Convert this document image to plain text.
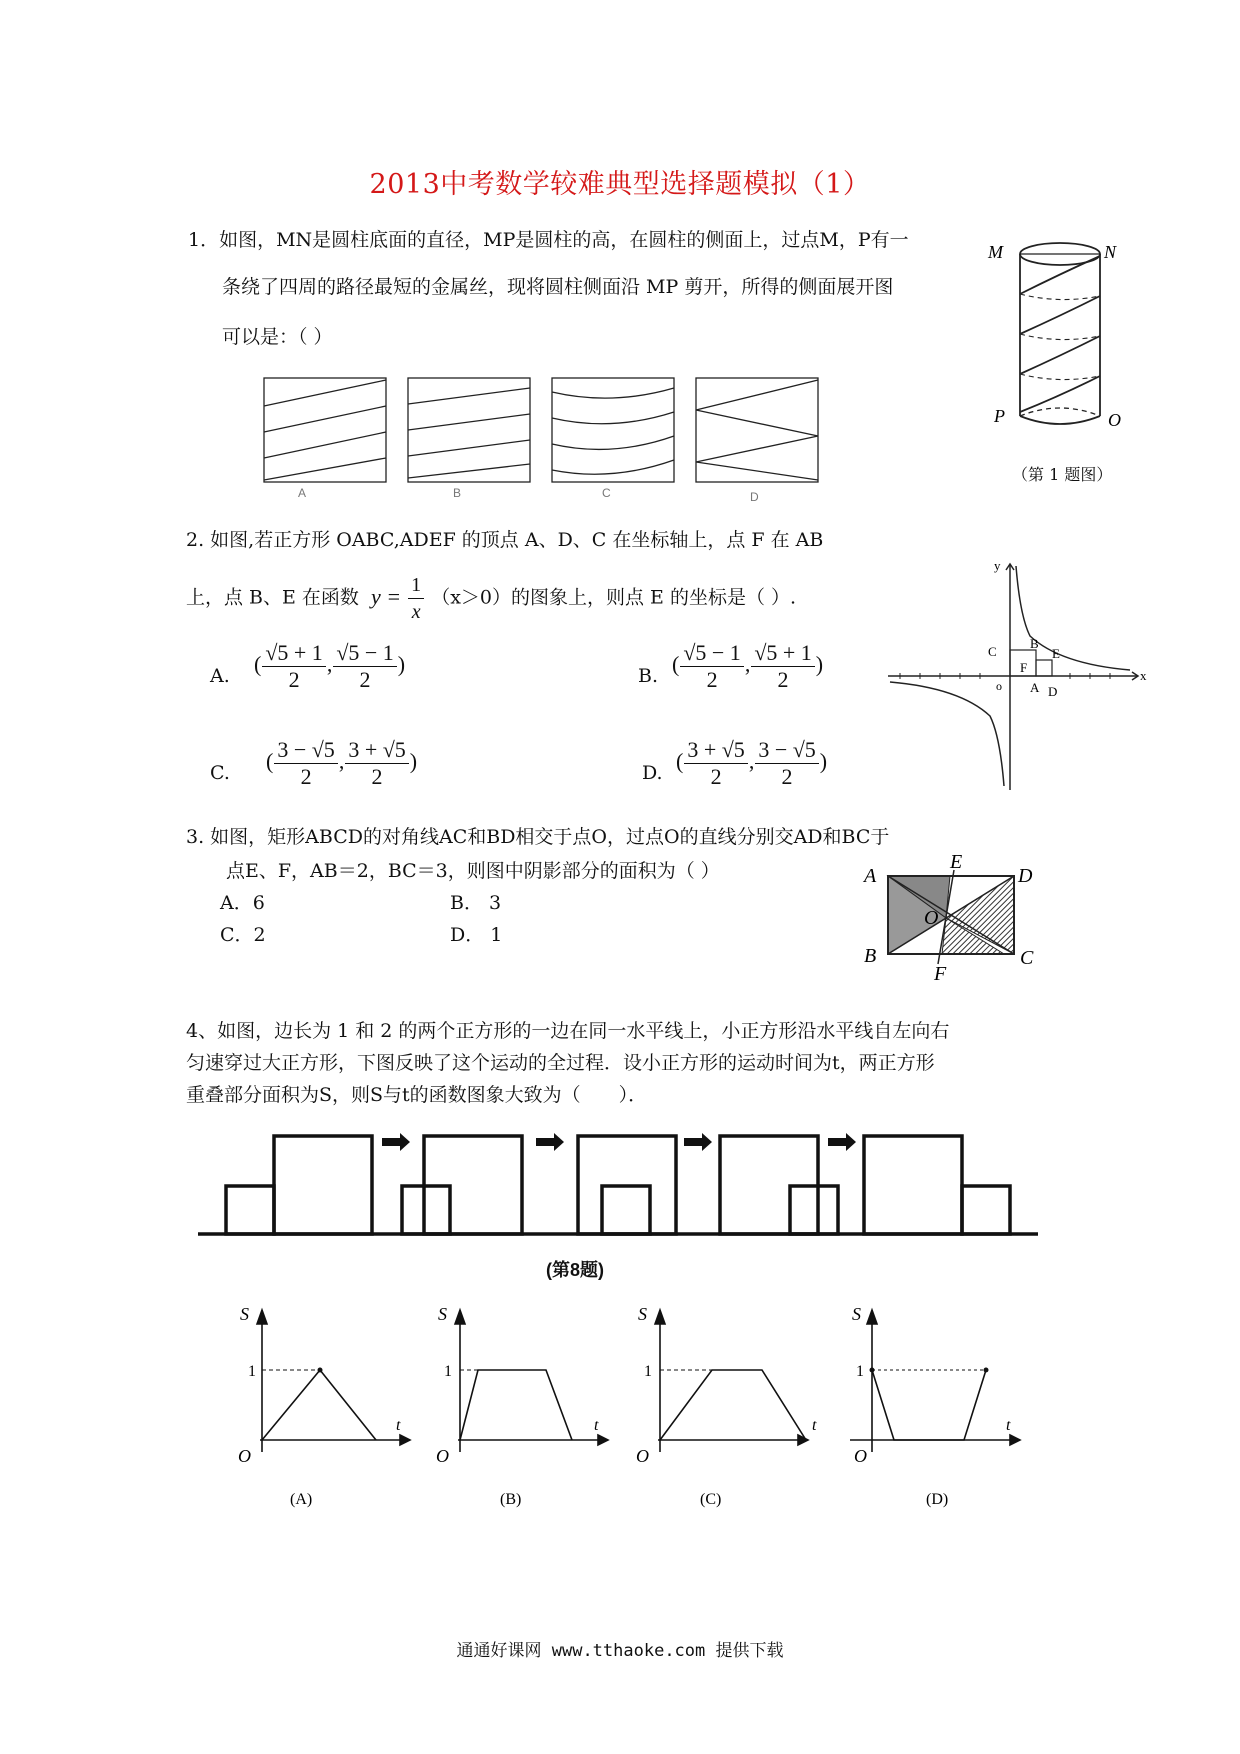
2013中考数学较难典型选择题模拟（1）
1．如图，MN是圆柱底面的直径，MP是圆柱的高，在圆柱的侧面上，过点M，P有一
条绕了四周的路径最短的金属丝，现将圆柱侧面沿 MP 剪开，所得的侧面展开图
可以是：（ ）
A	B	C	D
M	N
P	O
（第 1 题图）
2. 如图,若正方形 OABC,ADEF 的顶点 A、D、C 在坐标轴上，点 F 在 AB
上，点 B、E 在函数 $y = \frac{1}{x} (x>0)$的图象上，则点 E 的坐标是（ ）.
A. ( $\frac{√5 + 1}{2}$ , $\frac{√5 - 1}{2}$ )	B. ( $\frac{√5 - 1}{2}$ , $\frac{√5 + 1}{2}$ )
C. ( $\frac{3 - √5}{2}$ , $\frac{3 + √5}{2}$ )	D. ( $\frac{3 + √5}{2}$ , $\frac{3 - √5}{2}$ )
y
x
o
B
E
C
F
A D
3. 如图，矩形ABCD的对角线AC和BD相交于点O，过点O的直线分别交AD和BC于
点E、F，AB＝2，BC＝3，则图中阴影部分的面积为（ ）
A．6	B． 3
C．2	D． 1
A
E
D
O
B
F
C
4、如图，边长为 1 和 2 的两个正方形的一边在同一水平线上，小正方形沿水平线自左向右
匀速穿过大正方形，下图反映了这个运动的全过程．设小正方形的运动时间为t，两正方形
重叠部分面积为S，则S与t的函数图象大致为（　　）．
(第8题)
S
1
t
O
(A)
S
1
t
O
(B)
S
1
t
O
(C)
S
1
t
O
(D)
通通好课网 www.tthaoke.com 提供下载
